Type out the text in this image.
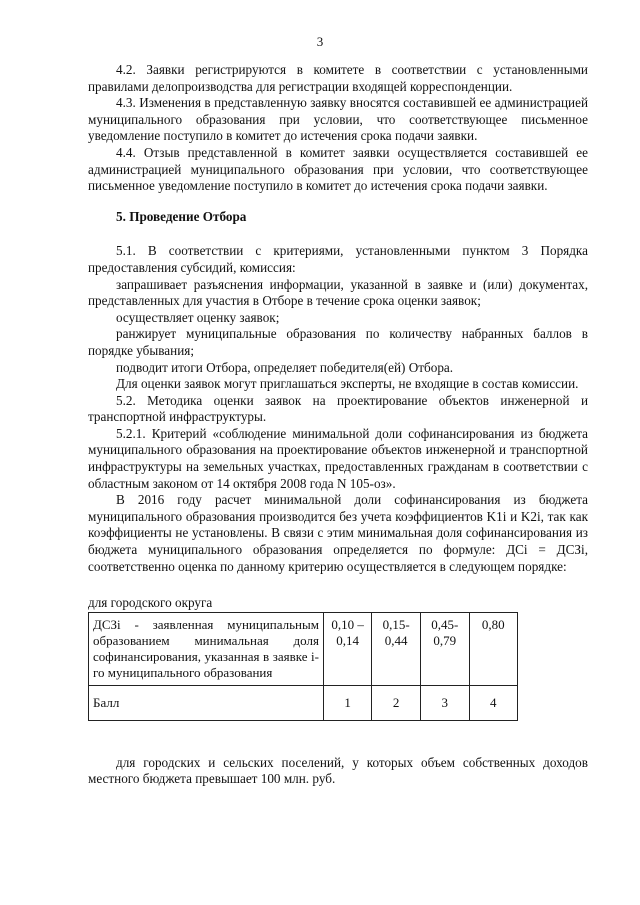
3

4.2. Заявки регистрируются в комитете в соответствии с установленными правилами делопроизводства для регистрации входящей корреспонденции.

4.3. Изменения в представленную заявку вносятся составившей ее администрацией муниципального образования при условии, что соответствующее письменное уведомление поступило в комитет до истечения срока подачи заявки.

4.4. Отзыв представленной в комитет заявки осуществляется составившей ее администрацией муниципального образования при условии, что соответствующее письменное уведомление поступило в комитет до истечения срока подачи заявки.

5. Проведение Отбора

5.1. В соответствии с критериями, установленными пунктом 3 Порядка предоставления субсидий, комиссия:

запрашивает разъяснения информации, указанной в заявке и (или) документах, представленных для участия в Отборе в течение срока оценки заявок;

осуществляет оценку заявок;

ранжирует муниципальные образования по количеству набранных баллов в порядке убывания;

подводит итоги Отбора, определяет победителя(ей) Отбора.

Для оценки заявок могут приглашаться эксперты, не входящие в состав комиссии.

5.2. Методика оценки заявок на проектирование объектов инженерной и транспортной инфраструктуры.

5.2.1. Критерий «соблюдение минимальной доли софинансирования из бюджета муниципального образования на проектирование объектов инженерной и транспортной инфраструктуры на земельных участках, предоставленных гражданам в соответствии с областным законом от 14 октября 2008 года N 105-оз».

В 2016 году расчет минимальной доли софинансирования из бюджета муниципального образования производится без учета коэффициентов K1i и K2i, так как коэффициенты не установлены. В связи с этим минимальная доля софинансирования из бюджета муниципального образования определяется по формуле: ДСi = ДСЗi, соответственно оценка по данному критерию осуществляется в следующем порядке:

для городского округа

ДСЗi - заявленная муниципальным образованием минимальная доля софинансирования, указанная в заявке i-го муниципального образования	0,10 – 0,14	0,15- 0,44	0,45- 0,79	0,80
Балл	1	2	3	4

для городских и сельских поселений, у которых объем собственных доходов местного бюджета превышает 100 млн. руб.
